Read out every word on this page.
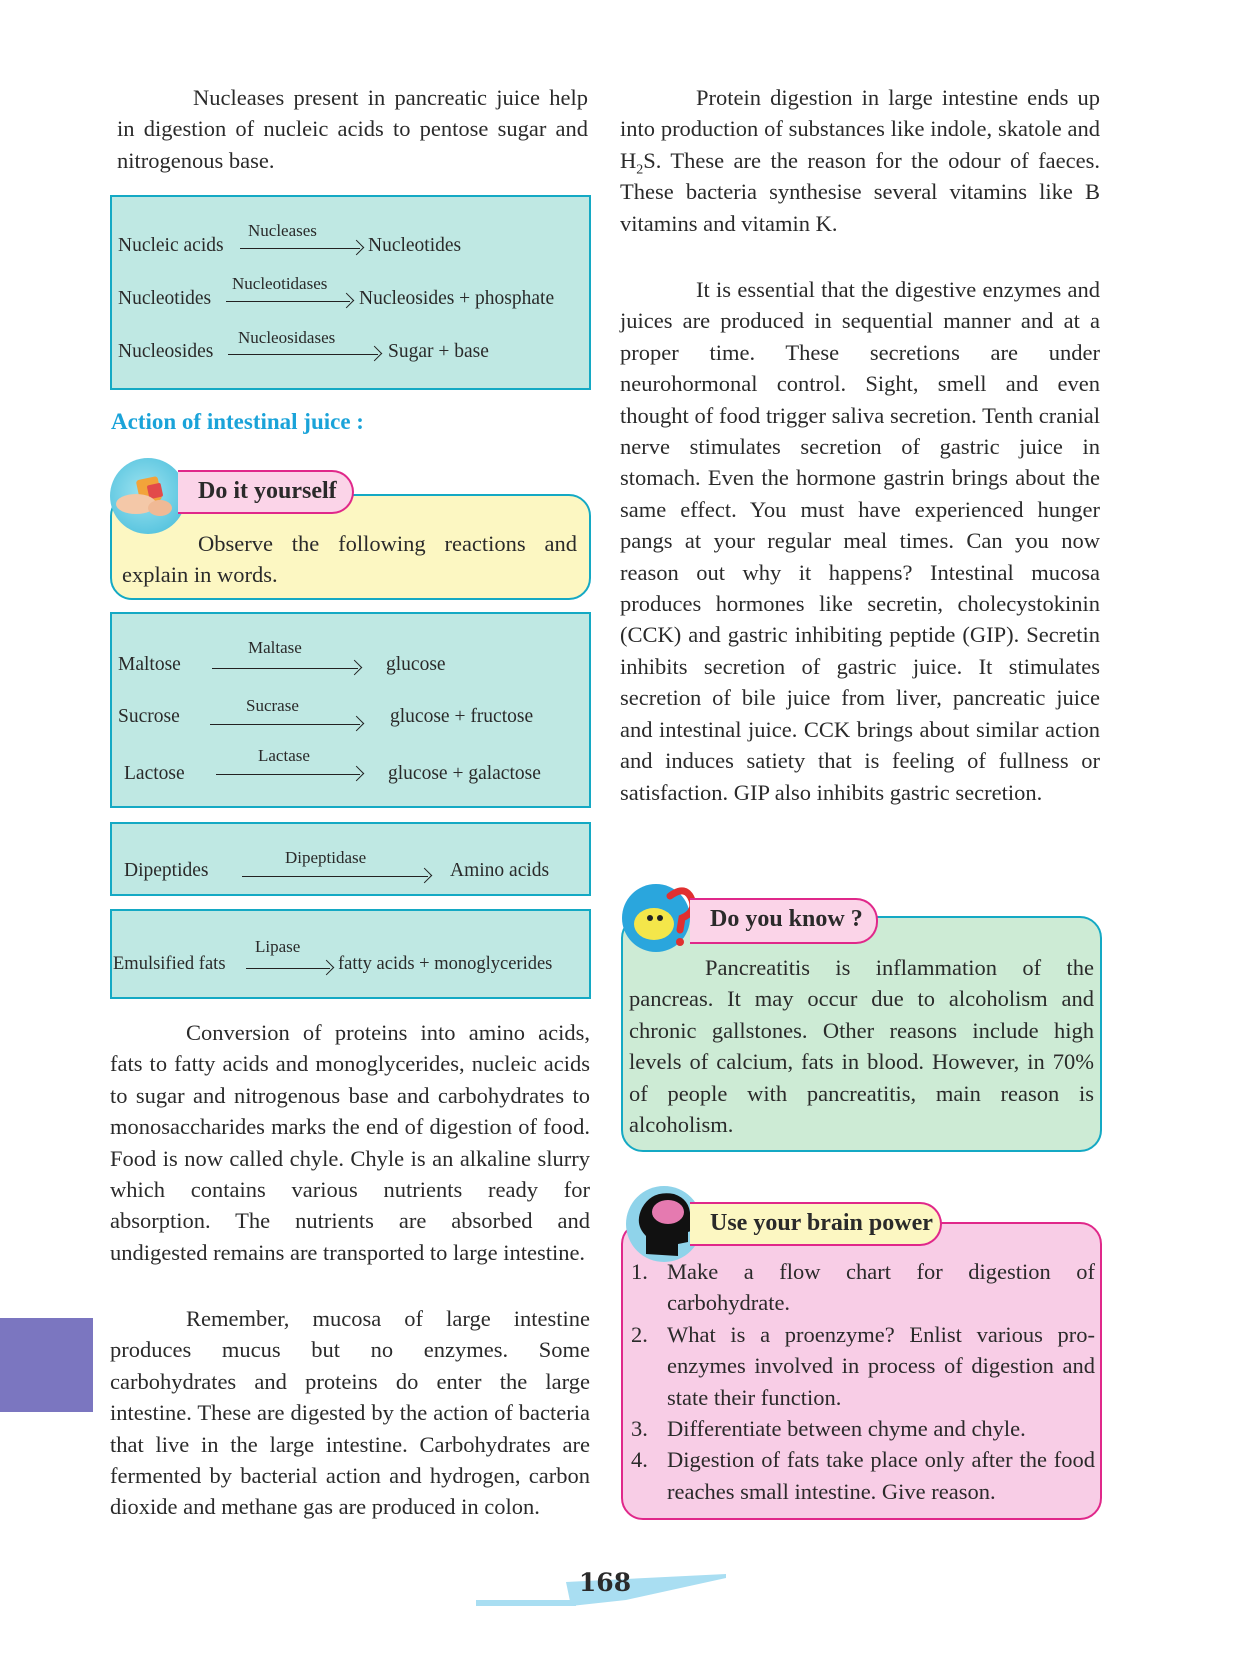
Nucleases present in pancreatic juice help in digestion of nucleic acids to pentose sugar and nitrogenous base.

Nucleases
Nucleic acids	Nucleotides
Nucleotidases
Nucleotides	Nucleosides + phosphate
Nucleosidases
Nucleosides	Sugar + base
Action of intestinal juice :

Observe the following reactions and explain in words.

Do it yourself
Maltase
Maltose	glucose
Sucrase
Sucrose	glucose + fructose
Lactase
Lactose	glucose + galactose
Dipeptidase
Dipeptides	Amino acids
Lipase
Emulsified fats	fatty acids + monoglycerides

Conversion of proteins into amino acids, fats to fatty acids and monoglycerides, nucleic acids to sugar and nitrogenous base and carbohydrates to monosaccharides marks the end of digestion of food. Food is now called chyle. Chyle is an alkaline slurry which contains various nutrients ready for absorption. The nutrients are absorbed and undigested remains are transported to large intestine.

Remember, mucosa of large intestine produces mucus but no enzymes. Some carbohydrates and proteins do enter the large intestine. These are digested by the action of bacteria that live in the large intestine. Carbohydrates are fermented by bacterial action and hydrogen, carbon dioxide and methane gas are produced in colon.

Protein digestion in large intestine ends up into production of substances like indole, skatole and $H_2S$. These are the reason for the odour of faeces. These bacteria synthesise several vitamins like B vitamins and vitamin K.

It is essential that the digestive enzymes and juices are produced in sequential manner and at a proper time. These secretions are under neurohormonal control. Sight, smell and even thought of food trigger saliva secretion. Tenth cranial nerve stimulates secretion of gastric juice in stomach. Even the hormone gastrin brings about the same effect. You must have experienced hunger pangs at your regular meal times. Can you now reason out why it happens? Intestinal mucosa produces hormones like secretin, cholecystokinin (CCK) and gastric inhibiting peptide (GIP). Secretin inhibits secretion of gastric juice. It stimulates secretion of bile juice from liver, pancreatic juice and intestinal juice. CCK brings about similar action and induces satiety that is feeling of fullness or satisfaction. GIP also inhibits gastric secretion.

Pancreatitis is inflammation of the pancreas. It may occur due to alcoholism and chronic gallstones. Other reasons include high levels of calcium, fats in blood. However, in 70% of people with pancreatitis, main reason is alcoholism.

Do you know ?
1. Make a flow chart for digestion of carbohydrate.
2. What is a proenzyme? Enlist various pro-enzymes involved in process of digestion and state their function.
3. Differentiate between chyme and chyle.
4. Digestion of fats take place only after the food reaches small intestine. Give reason.
Use your brain power
168
